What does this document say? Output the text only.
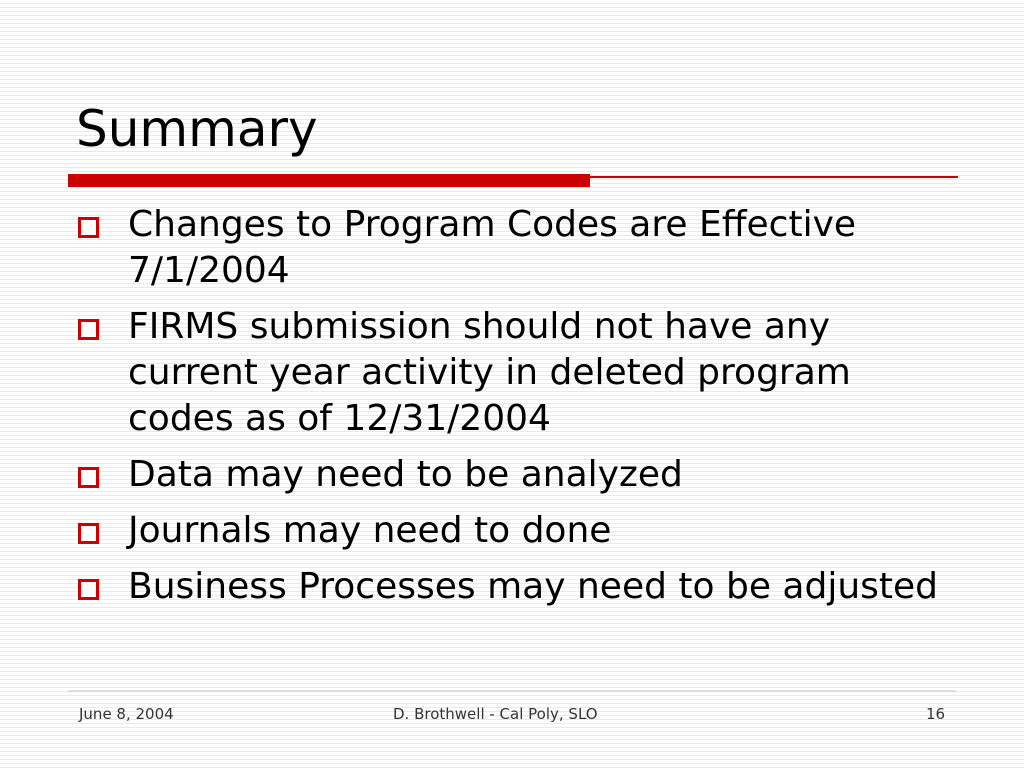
Summary
Changes to Program Codes are Effective 7/1/2004
FIRMS submission should not have any current year activity in deleted program codes as of 12/31/2004
Data may need to be analyzed
Journals may need to done
Business Processes may need to be adjusted
June 8, 2004	D. Brothwell - Cal Poly, SLO	16
